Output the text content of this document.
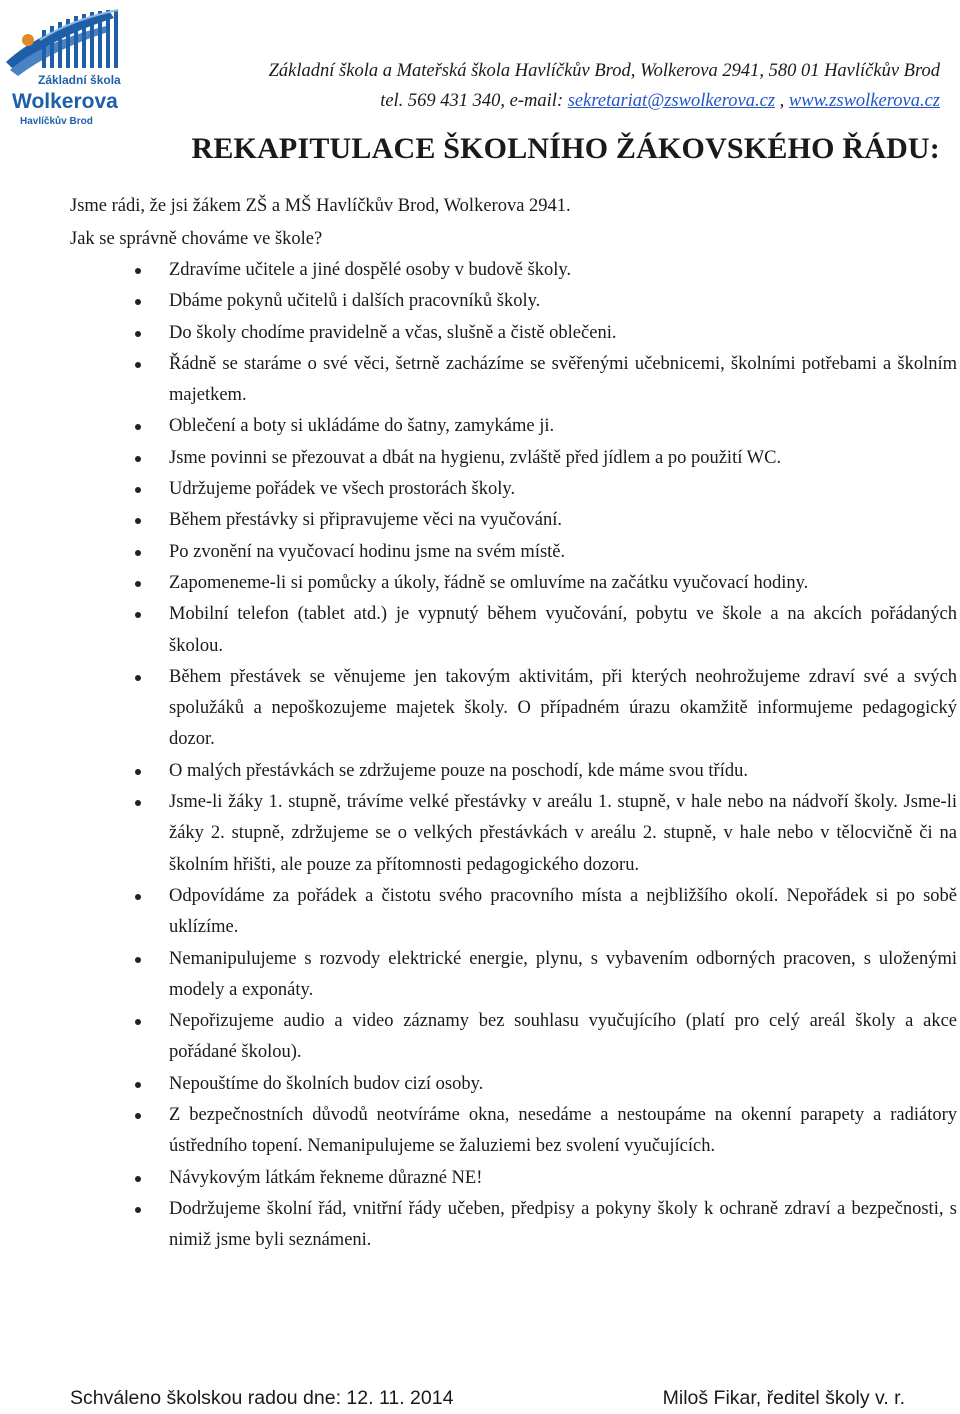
Základní škola
Wolkerova
Havlíčkův Brod
Základní škola a Mateřská škola Havlíčkův Brod, Wolkerova 2941, 580 01 Havlíčkův Brod
tel. 569 431 340, e-mail: sekretariat@zswolkerova.cz , www.zswolkerova.cz
REKAPITULACE ŠKOLNÍHO ŽÁKOVSKÉHO ŘÁDU:

Jsme rádi, že jsi žákem ZŠ a MŠ Havlíčkův Brod, Wolkerova 2941.

Jak se správně chováme ve škole?

Zdravíme učitele a jiné dospělé osoby v budově školy.
Dbáme pokynů učitelů i dalších pracovníků školy.
Do školy chodíme pravidelně a včas, slušně a čistě oblečeni.
Řádně se staráme o své věci, šetrně zacházíme se svěřenými učebnicemi, školními potřebami a školním majetkem.
Oblečení a boty si ukládáme do šatny, zamykáme ji.
Jsme povinni se přezouvat a dbát na hygienu, zvláště před jídlem a po použití WC.
Udržujeme pořádek ve všech prostorách školy.
Během přestávky si připravujeme věci na vyučování.
Po zvonění na vyučovací hodinu jsme na svém místě.
Zapomeneme-li si pomůcky a úkoly, řádně se omluvíme na začátku vyučovací hodiny.
Mobilní telefon (tablet atd.) je vypnutý během vyučování, pobytu ve škole a na akcích pořádaných školou.
Během přestávek se věnujeme jen takovým aktivitám, při kterých neohrožujeme zdraví své a svých spolužáků a nepoškozujeme majetek školy. O případném úrazu okamžitě informujeme pedagogický dozor.
O malých přestávkách se zdržujeme pouze na poschodí, kde máme svou třídu.
Jsme-li žáky 1. stupně, trávíme velké přestávky v areálu 1. stupně, v hale nebo na nádvoří školy. Jsme-li žáky 2. stupně, zdržujeme se o velkých přestávkách v areálu 2. stupně, v hale nebo v tělocvičně či na školním hřišti, ale pouze za přítomnosti pedagogického dozoru.
Odpovídáme za pořádek a čistotu svého pracovního místa a nejbližšího okolí. Nepořádek si po sobě uklízíme.
Nemanipulujeme s rozvody elektrické energie, plynu, s vybavením odborných pracoven, s uloženými modely a exponáty.
Nepořizujeme audio a video záznamy bez souhlasu vyučujícího (platí pro celý areál školy a akce pořádané školou).
Nepouštíme do školních budov cizí osoby.
Z bezpečnostních důvodů neotvíráme okna, nesedáme a nestoupáme na okenní parapety a radiátory ústředního topení. Nemanipulujeme se žaluziemi bez svolení vyučujících.
Návykovým látkám řekneme důrazné NE!
Dodržujeme školní řád, vnitřní řády učeben, předpisy a pokyny školy k ochraně zdraví a bezpečnosti, s nimiž jsme byli seznámeni.
Schváleno školskou radou dne: 12. 11. 2014	Miloš Fikar, ředitel školy v. r.
